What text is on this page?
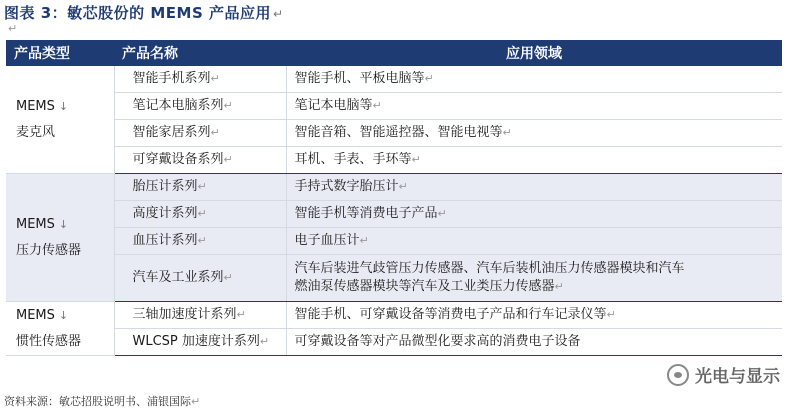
图表 3：敏芯股份的 MEMS 产品应用 ↵
↵
产品类型	产品名称	应用领域

MEMS ↓
麦克风	智能手机系列↵	智能手机、平板电脑等↵
	笔记本电脑系列↵	笔记本电脑等↵
	智能家居系列↵	智能音箱、智能遥控器、智能电视等↵
	可穿戴设备系列↵	耳机、手表、手环等↵

MEMS ↓
压力传感器	胎压计系列↵	手持式数字胎压计↵
	高度计系列↵	智能手机等消费电子产品↵
	血压计系列↵	电子血压计↵
	汽车及工业系列↵	汽车后装进气歧管压力传感器、汽车后装机油压力传感器模块和汽车
燃油泵传感器模块等汽车及工业类压力传感器↵

MEMS ↓
惯性传感器	三轴加速度计系列↵	智能手机、可穿戴设备等消费电子产品和行车记录仪等↵
	WLCSP 加速度计系列↵	可穿戴设备等对产品微型化要求高的消费电子设备
光电与显示
资料来源：敏芯招股说明书、浦银国际↵
